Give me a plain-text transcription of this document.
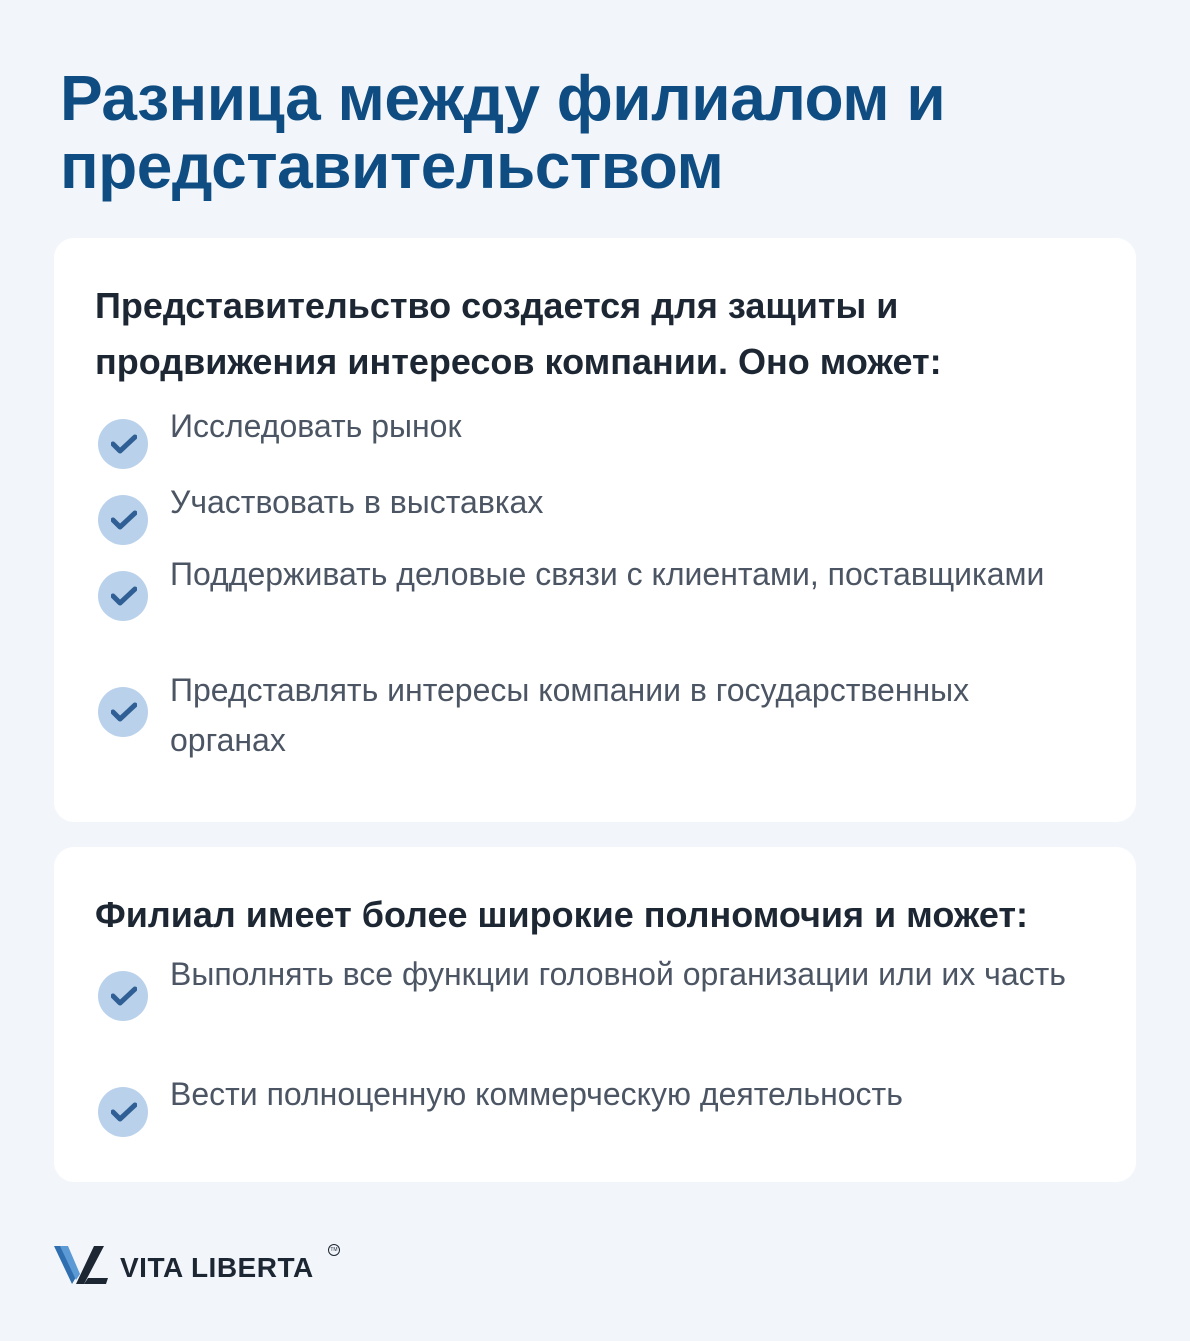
Разница между филиалом и представительством
Представительство создается для защиты и продвижения интересов компании. Оно может:
Исследовать рынок
Участвовать в выставках
Поддерживать деловые связи с клиентами, поставщиками
Представлять интересы компании в государственных органах
Филиал имеет более широкие полномочия и может:
Выполнять все функции головной организации или их часть
Вести полноценную коммерческую деятельность
VITA LIBERTA
TM
